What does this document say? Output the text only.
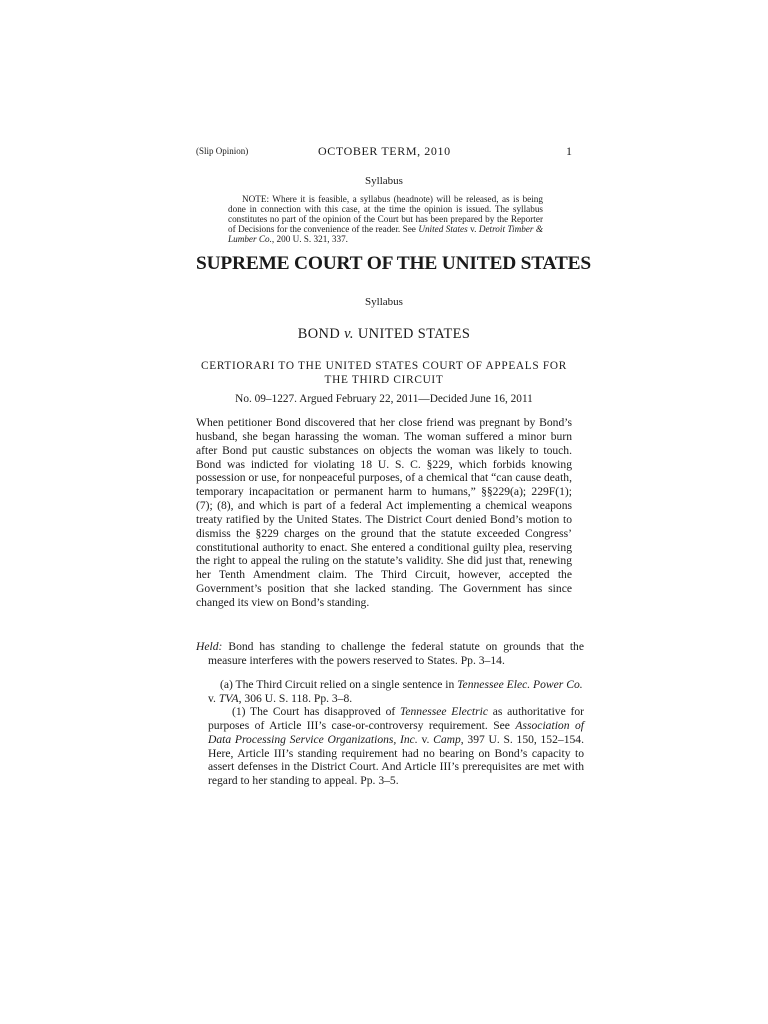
(Slip Opinion)	OCTOBER TERM, 2010	1
Syllabus
NOTE: Where it is feasible, a syllabus (headnote) will be released, as is being done in connection with this case, at the time the opinion is issued. The syllabus constitutes no part of the opinion of the Court but has been prepared by the Reporter of Decisions for the convenience of the reader. See United States v. Detroit Timber & Lumber Co., 200 U. S. 321, 337.
SUPREME COURT OF THE UNITED STATES
Syllabus
BOND v. UNITED STATES
CERTIORARI TO THE UNITED STATES COURT OF APPEALS FOR
THE THIRD CIRCUIT
No. 09–1227. Argued February 22, 2011—Decided June 16, 2011
When petitioner Bond discovered that her close friend was pregnant by Bond’s husband, she began harassing the woman. The woman suffered a minor burn after Bond put caustic substances on objects the woman was likely to touch. Bond was indicted for violating 18 U. S. C. §229, which forbids knowing possession or use, for nonpeaceful purposes, of a chemical that “can cause death, temporary incapacitation or permanent harm to humans,” §§229(a); 229F(1); (7); (8), and which is part of a federal Act implementing a chemical weapons treaty ratified by the United States. The District Court denied Bond’s motion to dismiss the §229 charges on the ground that the statute exceeded Congress’ constitutional authority to enact. She entered a conditional guilty plea, reserving the right to appeal the ruling on the statute’s validity. She did just that, renewing her Tenth Amendment claim. The Third Circuit, however, accepted the Government’s position that she lacked standing. The Government has since changed its view on Bond’s standing.
Held: Bond has standing to challenge the federal statute on grounds that the measure interferes with the powers reserved to States. Pp. 3–14.
(a) The Third Circuit relied on a single sentence in Tennessee Elec. Power Co. v. TVA, 306 U. S. 118. Pp. 3–8.
(1) The Court has disapproved of Tennessee Electric as authoritative for purposes of Article III’s case-or-controversy requirement. See Association of Data Processing Service Organizations, Inc. v. Camp, 397 U. S. 150, 152–154. Here, Article III’s standing requirement had no bearing on Bond’s capacity to assert defenses in the District Court. And Article III’s prerequisites are met with regard to her standing to appeal. Pp. 3–5.
